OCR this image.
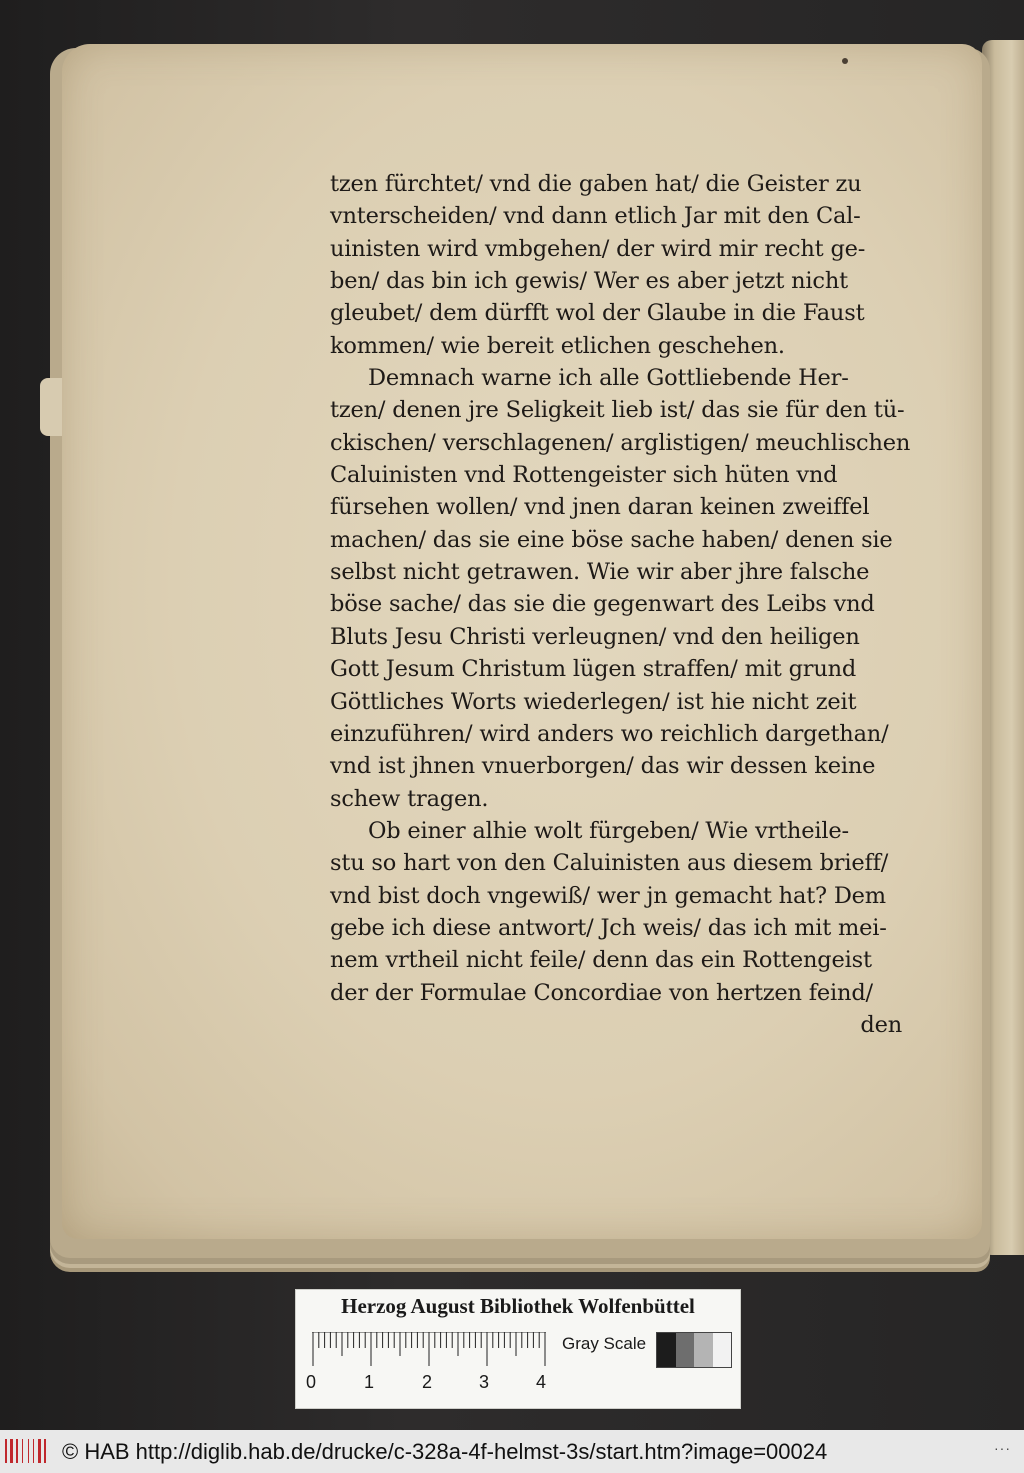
tzen fürchtet/ vnd die gaben hat/ die Geister zu
vnterscheiden/ vnd dann etlich Jar mit den Cal-
uinisten wird vmbgehen/ der wird mir recht ge-
ben/ das bin ich gewis/ Wer es aber jetzt nicht
gleubet/ dem dürfft wol der Glaube in die Faust
kommen/ wie bereit etlichen geschehen.
Demnach warne ich alle Gottliebende Her-
tzen/ denen jre Seligkeit lieb ist/ das sie für den tü-
ckischen/ verschlagenen/ arglistigen/ meuchlischen
Caluinisten vnd Rottengeister sich hüten vnd
fürsehen wollen/ vnd jnen daran keinen zweiffel
machen/ das sie eine böse sache haben/ denen sie
selbst nicht getrawen. Wie wir aber jhre falsche
böse sache/ das sie die gegenwart des Leibs vnd
Bluts Jesu Christi verleugnen/ vnd den heiligen
Gott Jesum Christum lügen straffen/ mit grund
Göttliches Worts wiederlegen/ ist hie nicht zeit
einzuführen/ wird anders wo reichlich dargethan/
vnd ist jhnen vnuerborgen/ das wir dessen keine
schew tragen.
Ob einer alhie wolt fürgeben/ Wie vrtheile-
stu so hart von den Caluinisten aus diesem brieff/
vnd bist doch vngewiß/ wer jn gemacht hat? Dem
gebe ich diese antwort/ Jch weis/ das ich mit mei-
nem vrtheil nicht feile/ denn das ein Rottengeist
der der Formulae Concordiae von hertzen feind/
den
Herzog August Bibliothek Wolfenbüttel
0	1	2	3	4
Gray Scale
© HAB http://diglib.hab.de/drucke/c-328a-4f-helmst-3s/start.htm?image=00024	···
